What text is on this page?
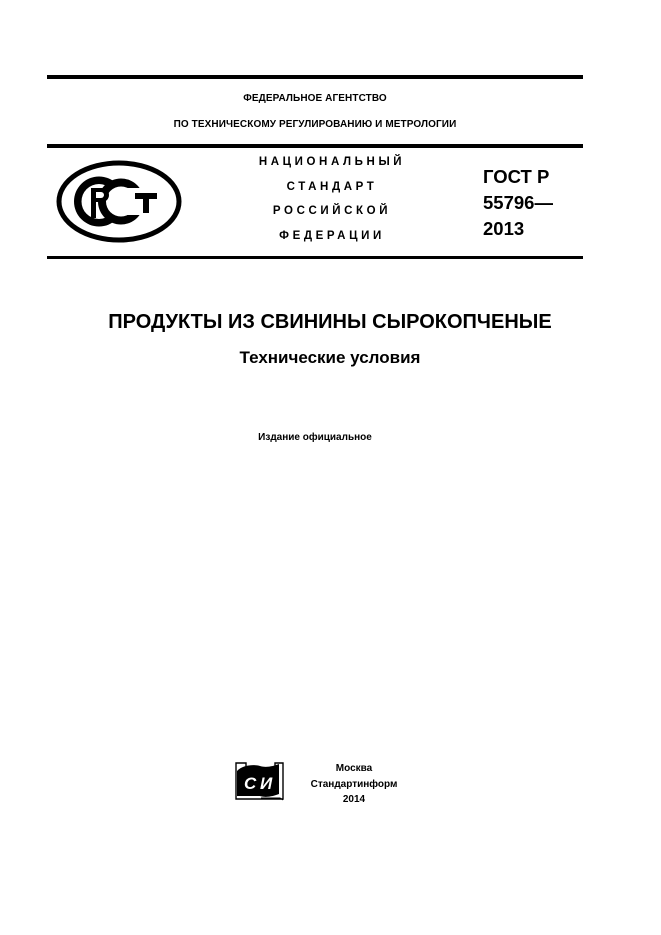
ФЕДЕРАЛЬНОЕ АГЕНТСТВО
ПО ТЕХНИЧЕСКОМУ РЕГУЛИРОВАНИЮ И МЕТРОЛОГИИ
НАЦИОНАЛЬНЫЙ
СТАНДАРТ
РОССИЙСКОЙ
ФЕДЕРАЦИИ
ГОСТ Р
55796—
2013
ПРОДУКТЫ ИЗ СВИНИНЫ СЫРОКОПЧЕНЫЕ
Технические условия
Издание официальное
С И
Москва
Стандартинформ
2014
